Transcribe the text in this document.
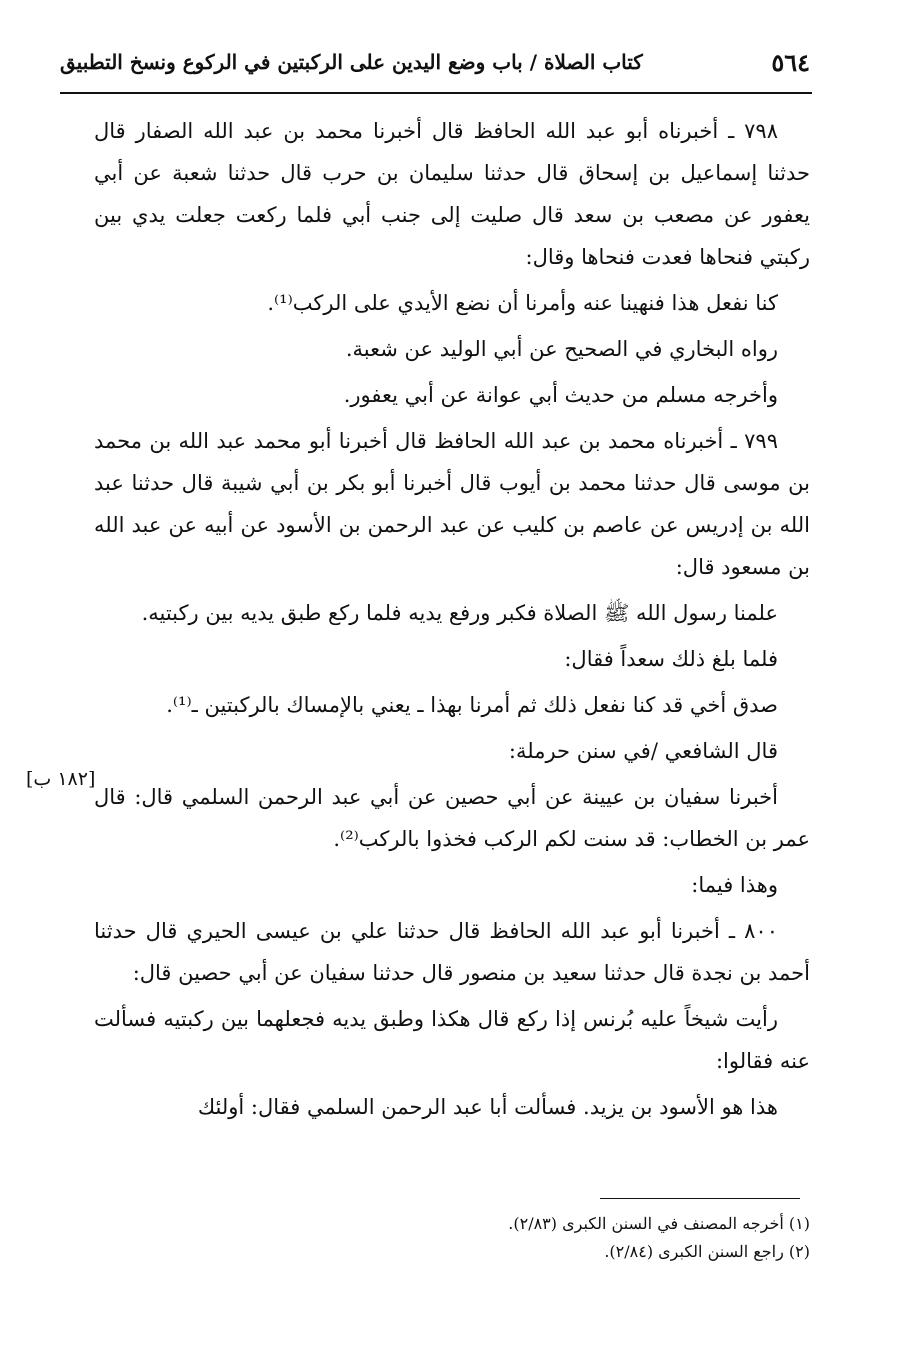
٥٦٤
كتاب الصلاة / باب وضع اليدين على الركبتين في الركوع ونسخ التطبيق
[١٨٢ ب]

٧٩٨ ـ أخبرناه أبو عبد الله الحافظ قال أخبرنا محمد بن عبد الله الصفار قال حدثنا إسماعيل بن إسحاق قال حدثنا سليمان بن حرب قال حدثنا شعبة عن أبي يعفور عن مصعب بن سعد قال صليت إلى جنب أبي فلما ركعت جعلت يدي بين ركبتي فنحاها فعدت فنحاها وقال:

كنا نفعل هذا فنهينا عنه وأمرنا أن نضع الأيدي على الركب⁽¹⁾.

رواه البخاري في الصحيح عن أبي الوليد عن شعبة.

وأخرجه مسلم من حديث أبي عوانة عن أبي يعفور.

٧٩٩ ـ أخبرناه محمد بن عبد الله الحافظ قال أخبرنا أبو محمد عبد الله بن محمد بن موسى قال حدثنا محمد بن أيوب قال أخبرنا أبو بكر بن أبي شيبة قال حدثنا عبد الله بن إدريس عن عاصم بن كليب عن عبد الرحمن بن الأسود عن أبيه عن عبد الله بن مسعود قال:

علمنا رسول الله ﷺ الصلاة فكبر ورفع يديه فلما ركع طبق يديه بين ركبتيه.

فلما بلغ ذلك سعداً فقال:

صدق أخي قد كنا نفعل ذلك ثم أمرنا بهذا ـ يعني بالإمساك بالركبتين ـ⁽¹⁾.

قال الشافعي /في سنن حرملة:

أخبرنا سفيان بن عيينة عن أبي حصين عن أبي عبد الرحمن السلمي قال: قال عمر بن الخطاب: قد سنت لكم الركب فخذوا بالركب⁽²⁾.

وهذا فيما:

٨٠٠ ـ أخبرنا أبو عبد الله الحافظ قال حدثنا علي بن عيسى الحيري قال حدثنا أحمد بن نجدة قال حدثنا سعيد بن منصور قال حدثنا سفيان عن أبي حصين قال:

رأيت شيخاً عليه بُرنس إذا ركع قال هكذا وطبق يديه فجعلهما بين ركبتيه فسألت عنه فقالوا:

هذا هو الأسود بن يزيد. فسألت أبا عبد الرحمن السلمي فقال: أولئك

(١) أخرجه المصنف في السنن الكبرى (٢/٨٣).

(٢) راجع السنن الكبرى (٢/٨٤).
